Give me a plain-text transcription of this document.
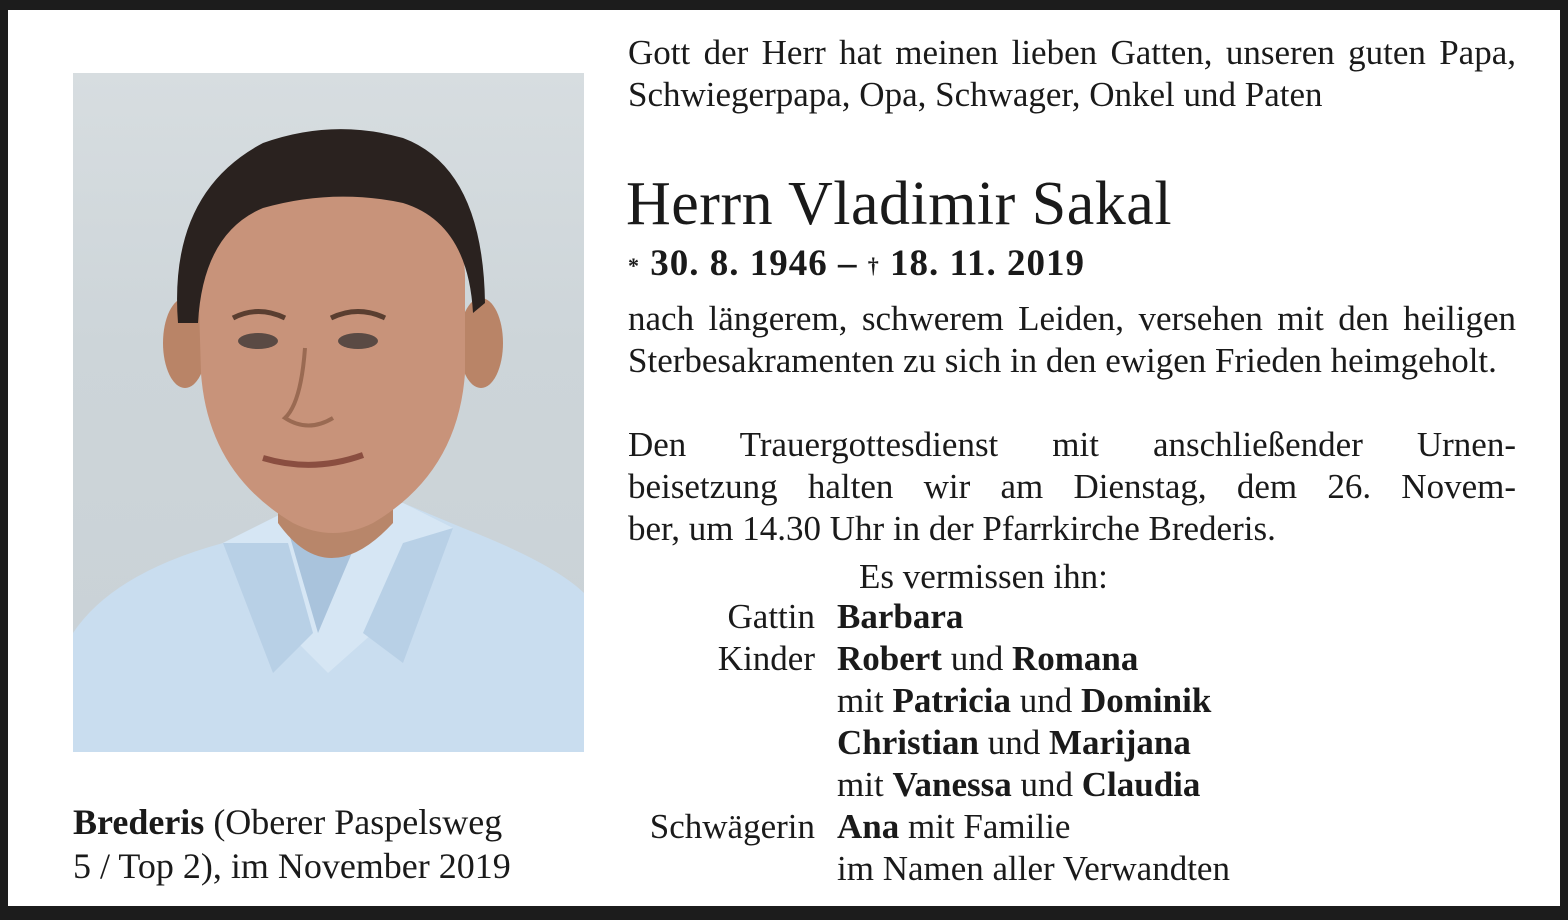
Brederis (Oberer Paspelsweg
5 / Top 2), im November 2019
Gott der Herr hat meinen lieben Gatten, unseren guten Papa, Schwiegerpapa, Opa, Schwager, Onkel und Paten
Herrn Vladimir Sakal
* 30. 8. 1946 – † 18. 11. 2019
nach längerem, schwerem Leiden, versehen mit den heiligen Sterbesakramenten zu sich in den ewigen Frieden heimgeholt.
Den Trauergottesdienst mit anschließender Urnen-
beisetzung halten wir am Dienstag, dem 26. Novem-
ber, um 14.30 Uhr in der Pfarrkirche Brederis.
Es vermissen ihn:
Gattin Barbara
Kinder Robert und Romana
mit Patricia und Dominik
Christian und Marijana
mit Vanessa und Claudia
Schwägerin Ana mit Familie
im Namen aller Verwandten
